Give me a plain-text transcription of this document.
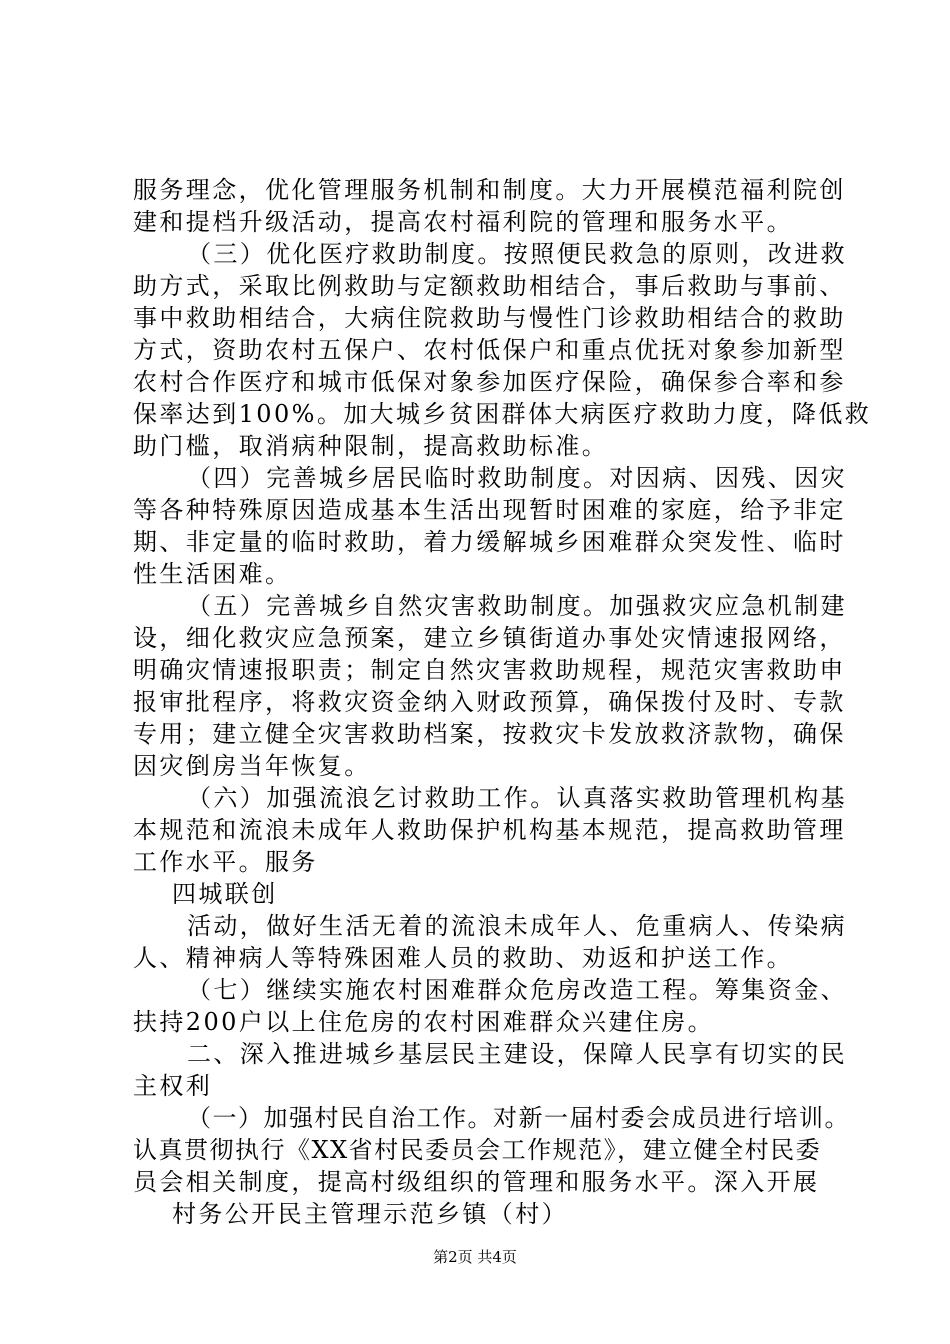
服务理念，优化管理服务机制和制度。大力开展模范福利院创
建和提档升级活动，提高农村福利院的管理和服务水平。
（三）优化医疗救助制度。按照便民救急的原则，改进救
助方式，采取比例救助与定额救助相结合，事后救助与事前、
事中救助相结合，大病住院救助与慢性门诊救助相结合的救助
方式，资助农村五保户、农村低保户和重点优抚对象参加新型
农村合作医疗和城市低保对象参加医疗保险，确保参合率和参
保率达到100%。加大城乡贫困群体大病医疗救助力度，降低救
助门槛，取消病种限制，提高救助标准。
（四）完善城乡居民临时救助制度。对因病、因残、因灾
等各种特殊原因造成基本生活出现暂时困难的家庭，给予非定
期、非定量的临时救助，着力缓解城乡困难群众突发性、临时
性生活困难。
（五）完善城乡自然灾害救助制度。加强救灾应急机制建
设，细化救灾应急预案，建立乡镇街道办事处灾情速报网络，
明确灾情速报职责；制定自然灾害救助规程，规范灾害救助申
报审批程序，将救灾资金纳入财政预算，确保拨付及时、专款
专用；建立健全灾害救助档案，按救灾卡发放救济款物，确保
因灾倒房当年恢复。
（六）加强流浪乞讨救助工作。认真落实救助管理机构基
本规范和流浪未成年人救助保护机构基本规范，提高救助管理
工作水平。服务
四城联创
活动，做好生活无着的流浪未成年人、危重病人、传染病
人、精神病人等特殊困难人员的救助、劝返和护送工作。
（七）继续实施农村困难群众危房改造工程。筹集资金、
扶持200户以上住危房的农村困难群众兴建住房。
二、深入推进城乡基层民主建设，保障人民享有切实的民
主权利
（一）加强村民自治工作。对新一届村委会成员进行培训。
认真贯彻执行《XX省村民委员会工作规范》，建立健全村民委
员会相关制度，提高村级组织的管理和服务水平。深入开展
村务公开民主管理示范乡镇（村）
第2页 共4页
